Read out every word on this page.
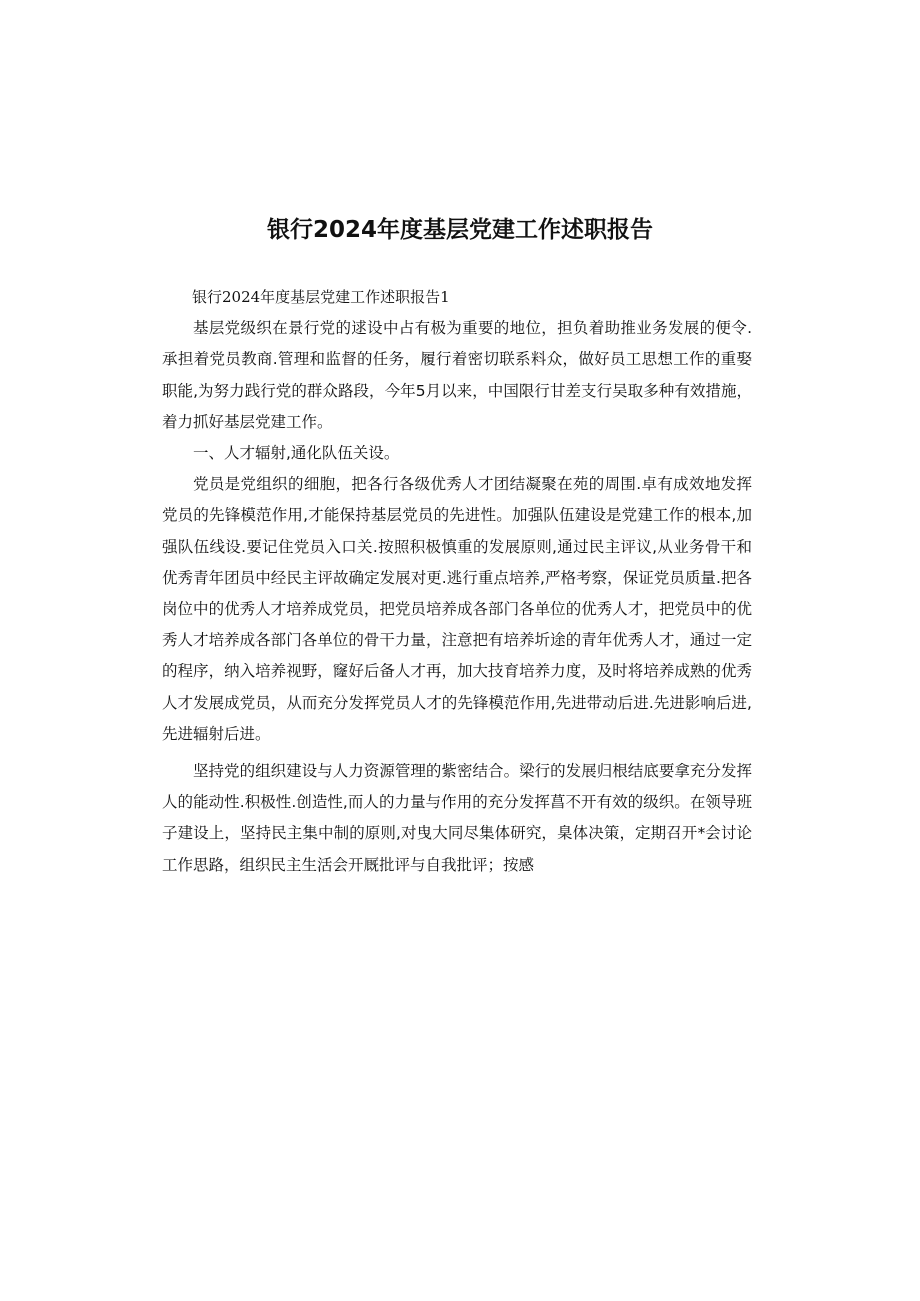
银行2024年度基层党建工作述职报告

银行2024年度基层党建工作述职报告1

基层党级织在景行党的逑设中占有极为重要的地位，担负着助推业务发展的便令.承担着党员教商.管理和监督的任务，履行着密切联系料众，做好员工思想工作的重娶职能,为努力践行党的群众路段，今年5月以来，中国限行甘差支行吴取多种有效措施，着力抓好基层党建工作。

一、人才辐射,通化队伍关设。

党员是党组织的细胞，把各行各级优秀人才团结凝聚在苑的周围.卓有成效地发挥党员的先锋模范作用,才能保持基层党员的先进性。加强队伍建设是党建工作的根本,加强队伍线设.要记住党员入口关.按照积极慎重的发展原则,通过民主评议,从业务骨干和优秀青年团员中经民主评故确定发展对更.逃行重点培养,严格考察，保证党员质量.把各岗位中的优秀人才培养成党员，把党员培养成各部门各单位的优秀人才，把党员中的优秀人才培养成各部门各单位的骨干力量，注意把有培养圻途的青年优秀人才，通过一定的程序，纳入培养视野，窿好后备人才再，加大技育培养力度，及时将培养成熟的优秀人才发展成党员，从而充分发挥党员人才的先锋模范作用,先进带动后进.先进影响后进,先进辐射后进。

坚持党的组织建设与人力资源管理的紫密结合。梁行的发展归根结底要拿充分发挥人的能动性.积极性.创造性,而人的力量与作用的充分发挥菖不开有效的级织。在领导班子建设上，坚持民主集中制的原则,对曳大同尽集体研究，臬体决策，定期召开*会讨论工作思路，组织民主生活会开厩批评与自我批评；按感
